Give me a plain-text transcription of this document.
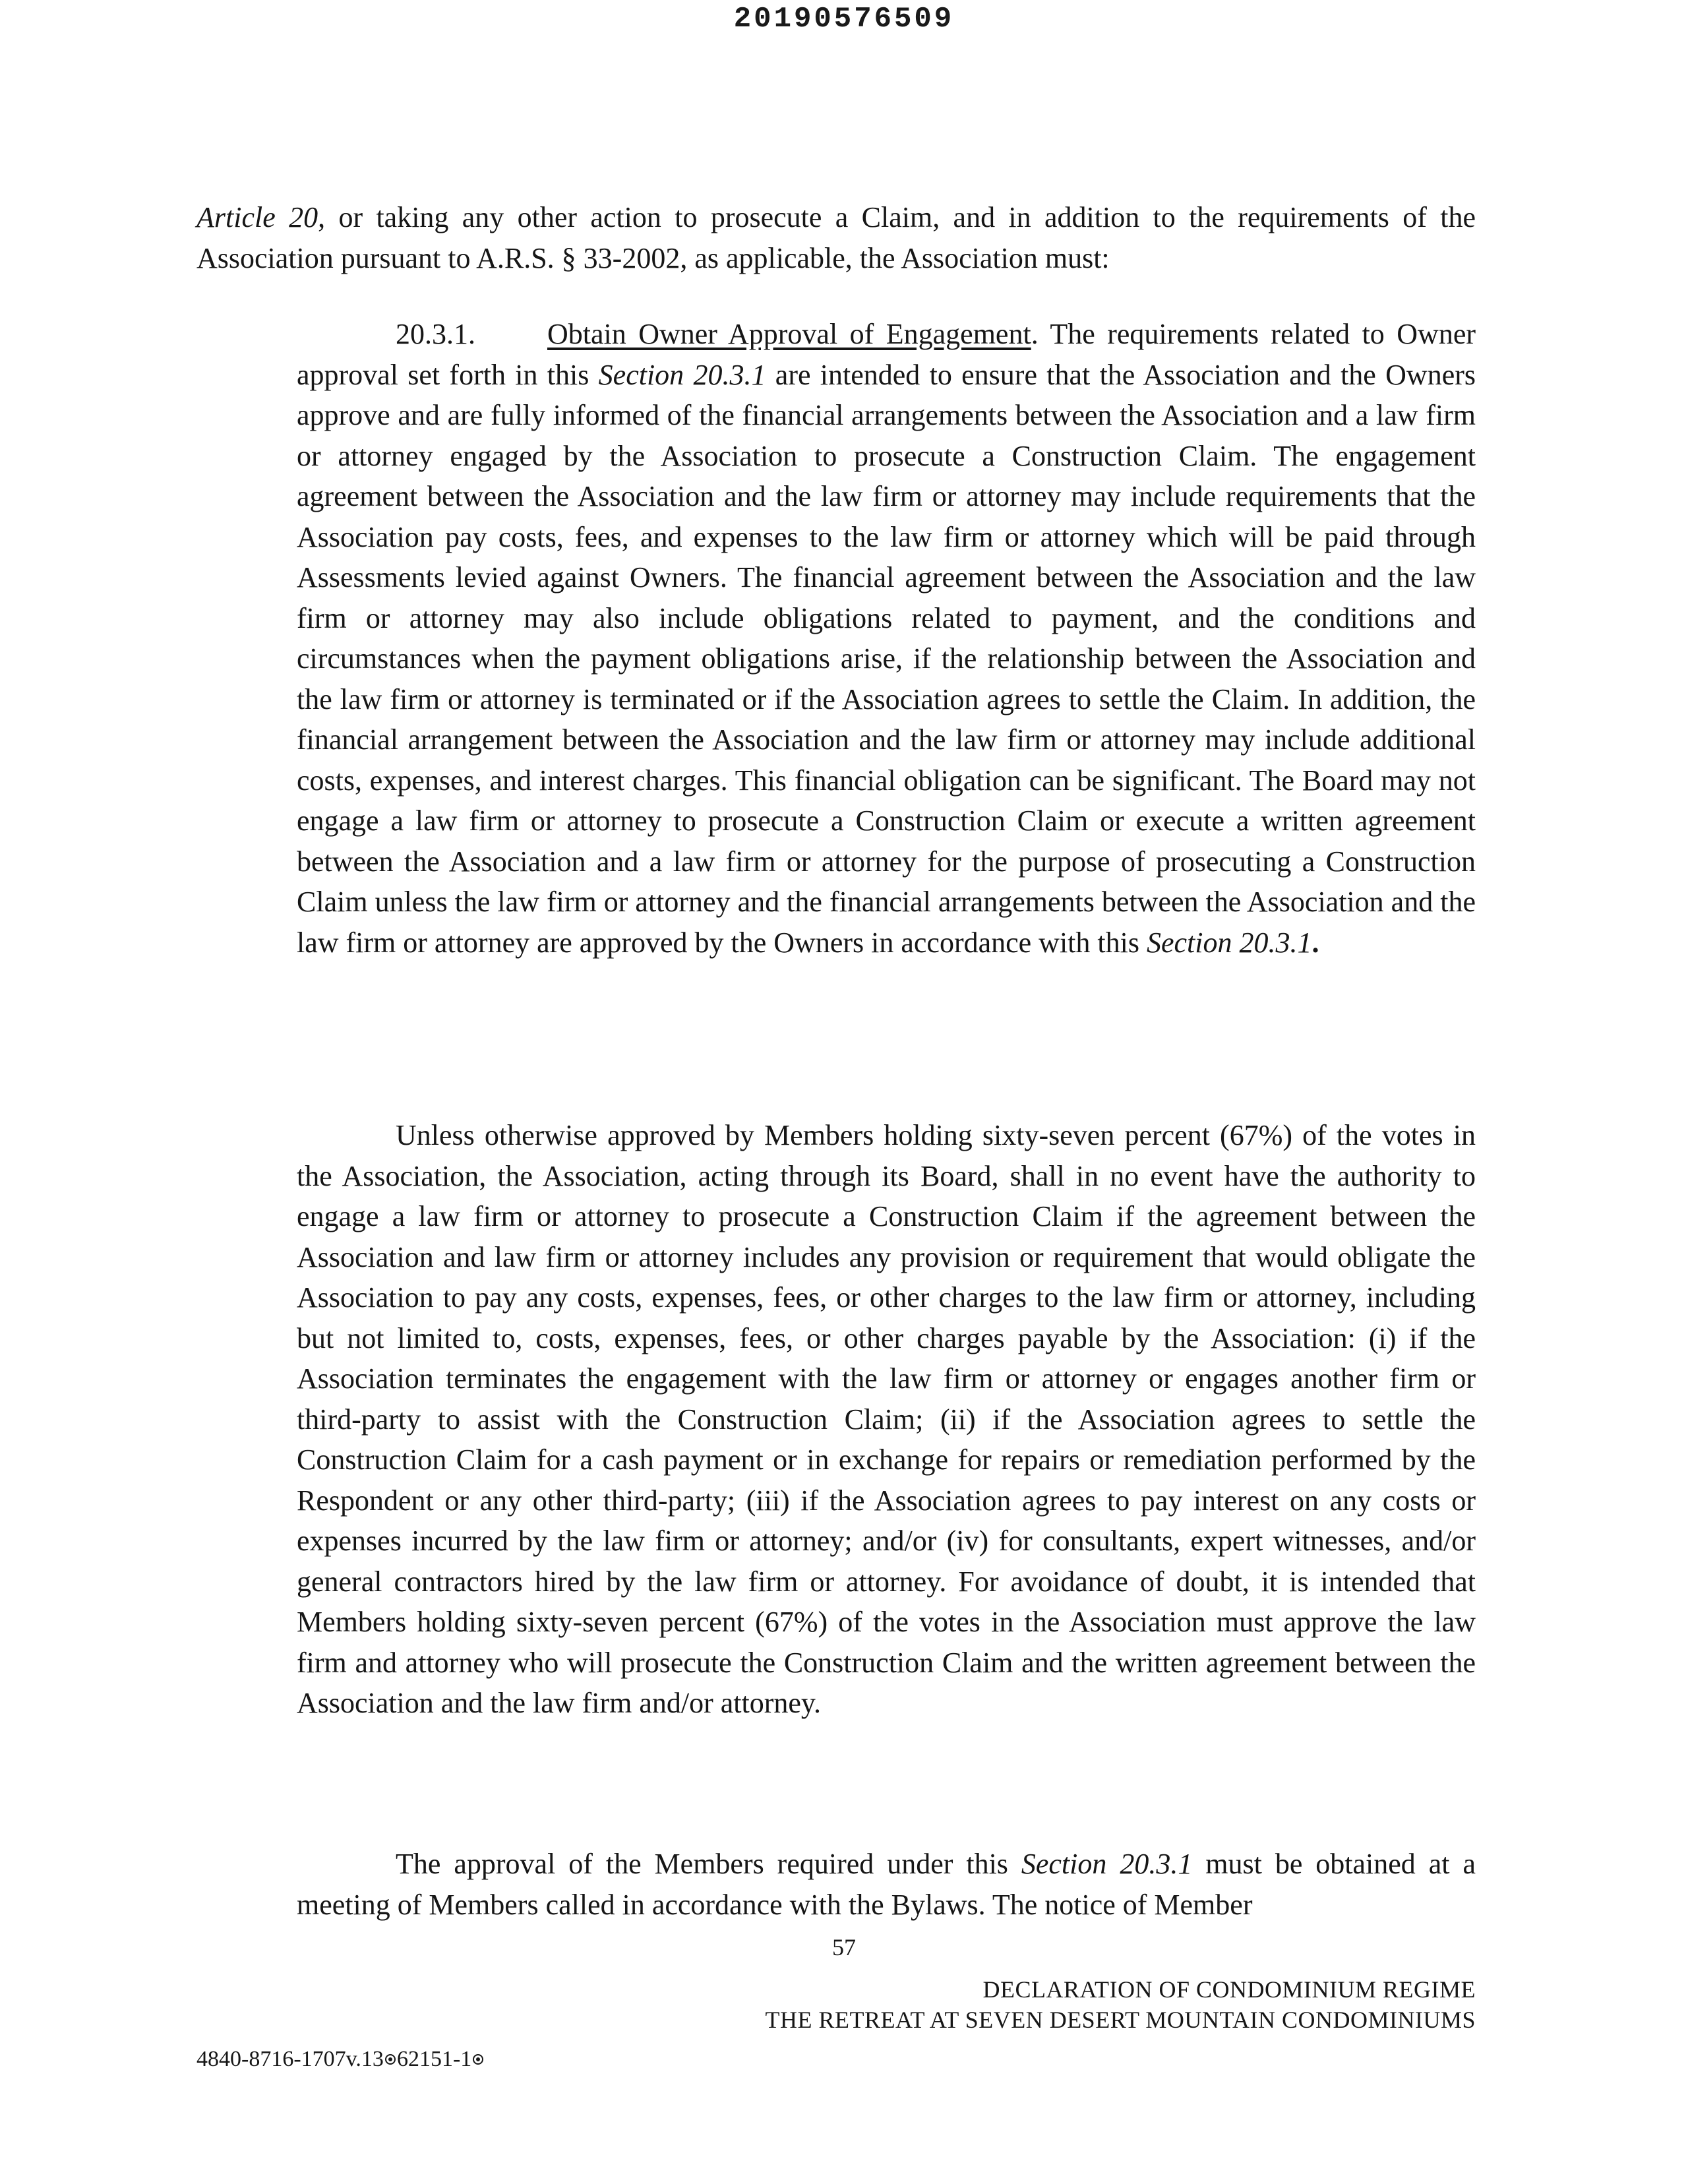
20190576509

Article 20, or taking any other action to prosecute a Claim, and in addition to the requirements of the Association pursuant to A.R.S. § 33-2002, as applicable, the Association must:

20.3.1. Obtain Owner Approval of Engagement. The requirements related to Owner approval set forth in this Section 20.3.1 are intended to ensure that the Association and the Owners approve and are fully informed of the financial arrangements between the Association and a law firm or attorney engaged by the Association to prosecute a Construction Claim. The engagement agreement between the Association and the law firm or attorney may include requirements that the Association pay costs, fees, and expenses to the law firm or attorney which will be paid through Assessments levied against Owners. The financial agreement between the Association and the law firm or attorney may also include obligations related to payment, and the conditions and circumstances when the payment obligations arise, if the relationship between the Association and the law firm or attorney is terminated or if the Association agrees to settle the Claim. In addition, the financial arrangement between the Association and the law firm or attorney may include additional costs, expenses, and interest charges. This financial obligation can be significant. The Board may not engage a law firm or attorney to prosecute a Construction Claim or execute a written agreement between the Association and a law firm or attorney for the purpose of prosecuting a Construction Claim unless the law firm or attorney and the financial arrangements between the Association and the law firm or attorney are approved by the Owners in accordance with this Section 20.3.1.

Unless otherwise approved by Members holding sixty-seven percent (67%) of the votes in the Association, the Association, acting through its Board, shall in no event have the authority to engage a law firm or attorney to prosecute a Construction Claim if the agreement between the Association and law firm or attorney includes any provision or requirement that would obligate the Association to pay any costs, expenses, fees, or other charges to the law firm or attorney, including but not limited to, costs, expenses, fees, or other charges payable by the Association: (i) if the Association terminates the engagement with the law firm or attorney or engages another firm or third-party to assist with the Construction Claim; (ii) if the Association agrees to settle the Construction Claim for a cash payment or in exchange for repairs or remediation performed by the Respondent or any other third-party; (iii) if the Association agrees to pay interest on any costs or expenses incurred by the law firm or attorney; and/or (iv) for consultants, expert witnesses, and/or general contractors hired by the law firm or attorney. For avoidance of doubt, it is intended that Members holding sixty-seven percent (67%) of the votes in the Association must approve the law firm and attorney who will prosecute the Construction Claim and the written agreement between the Association and the law firm and/or attorney.

The approval of the Members required under this Section 20.3.1 must be obtained at a meeting of Members called in accordance with the Bylaws. The notice of Member

57
DECLARATION OF CONDOMINIUM REGIME
THE RETREAT AT SEVEN DESERT MOUNTAIN CONDOMINIUMS
4840-8716-1707v.13 62151-1
